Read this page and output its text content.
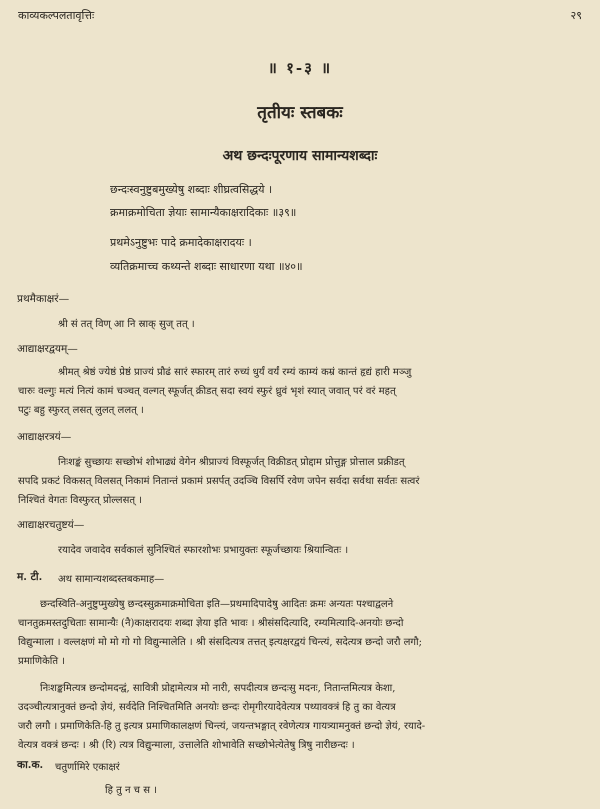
काव्यकल्पलतावृत्तिः	२९
॥ १-३ ॥
तृतीयः स्तबकः
अथ छन्दःपूरणाय सामान्यशब्दाः
छन्दःस्वनुष्टुबमुख्येषु शब्दाः शीघ्रत्वसिद्धये ।
क्रमाक्रमोचिता ज्ञेयाः सामान्यैकाक्षरादिकाः ॥३९॥
प्रथमेऽनुष्टुभः पादे क्रमादेकाक्षरादयः ।
व्यतिक्रमाच्च कथ्यन्ते शब्दाः साधारणा यथा ॥४०॥
प्रथमैकाक्षरं—
श्री सं तत् विण् आ नि स्राक् सुज् तत् ।
आद्याक्षरद्वयम्—
श्रीमत् श्रेष्ठं ज्येष्ठं प्रेष्ठं प्राज्यं प्रौढं सारं स्फारम् तारं रुच्यं धुर्यं वर्यं रम्यं काम्यं कम्रं कान्तं हृद्यं हारी मञ्जु
चारुः वल्गुः मत्यं नित्यं कामं चञ्चत् वल्गत् स्फूर्जत् क्रीडत् सदा स्वयं स्फुरं ध्रुवं भृशं स्यात् जवात् परं वरं महत्
पटुः बहु स्फुरत् लसत् लुलत् ललत् ।
आद्याक्षरत्रयं—
निःशङ्कं सुच्छायः सच्छोभं शोभाढ्यं वेगेन श्रीप्राज्यं विस्फूर्जत् विक्रीडत् प्रोद्दाम प्रोत्तुङ्ग प्रोत्ताल प्रक्रीडत्
सपदि प्रकटं विकसत् विलसत् निकामं नितान्तं प्रकामं प्रसर्पत् उदञ्चि विसर्पि रवेण जपेन सर्वदा सर्वथा सर्वतः सत्वरं
निश्चितं वेगतः विस्फुरत् प्रोल्लसत् ।
आद्याक्षरचतुष्टयं—
रयादेव जवादेव सर्वकालं सुनिश्चितं स्फारशोभः प्रभायुक्तः स्फूर्जच्छायः श्रियान्वितः ।
म. टी. अथ सामान्यशब्दस्तबकमाह—
छन्दस्विति-अनुष्टुप्मुख्येषु छन्दस्सुक्रमाक्रमोचिता इति—प्रथमादिपादेषु आदितः क्रमः अन्यतः पश्चाद्वलने
चानतुक्रमस्तदुचिताः सामान्यैः (नै)काक्षरादयः शब्दा ज्ञेया इति भावः । श्रीसंसदित्यादि, रम्यमित्यादि-अनयोः छन्दो
विद्युन्माला । वल्लक्षणं मो मो गो गो विद्युन्मालेति । श्री संसदित्यत्र तत्तत् इत्यक्षरद्वयं चिन्त्यं, सदेत्यत्र छन्दो जरौ लगौ;
प्रमाणिकेति ।
निःशङ्कमित्यत्र छन्दोमदन्द्वं, सावित्री प्रोद्दामेत्यत्र मो नारी, सपदीत्यत्र छन्दःसु मदनः, नितान्तमित्यत्र केशा,
उदञ्चीत्यत्रानुक्तं छन्दो ज्ञेयं, सर्वदेति निश्चितमिति अनयोः छन्दः रोमृगीरयादेवेत्यत्र पथ्यावक्त्रं हि तु का वेत्यत्र
जरौ लगौ । प्रमाणिकेति-हि तु इत्यत्र प्रमाणिकालक्षणं चिन्त्यं, जयन्तभङ्गात् रवेणेत्यत्र गायत्र्यामनुक्तं छन्दो ज्ञेयं, रयादे-
वेत्यत्र वक्त्रं छन्दः । श्री (रि) त्यत्र विद्युन्माला, उत्तालेति शोभावेति सच्छोभेत्येतेषु त्रिषु नारीछन्दः ।
का.क. चतुर्णामिरे एकाक्षरं
हि तु न च स ।
